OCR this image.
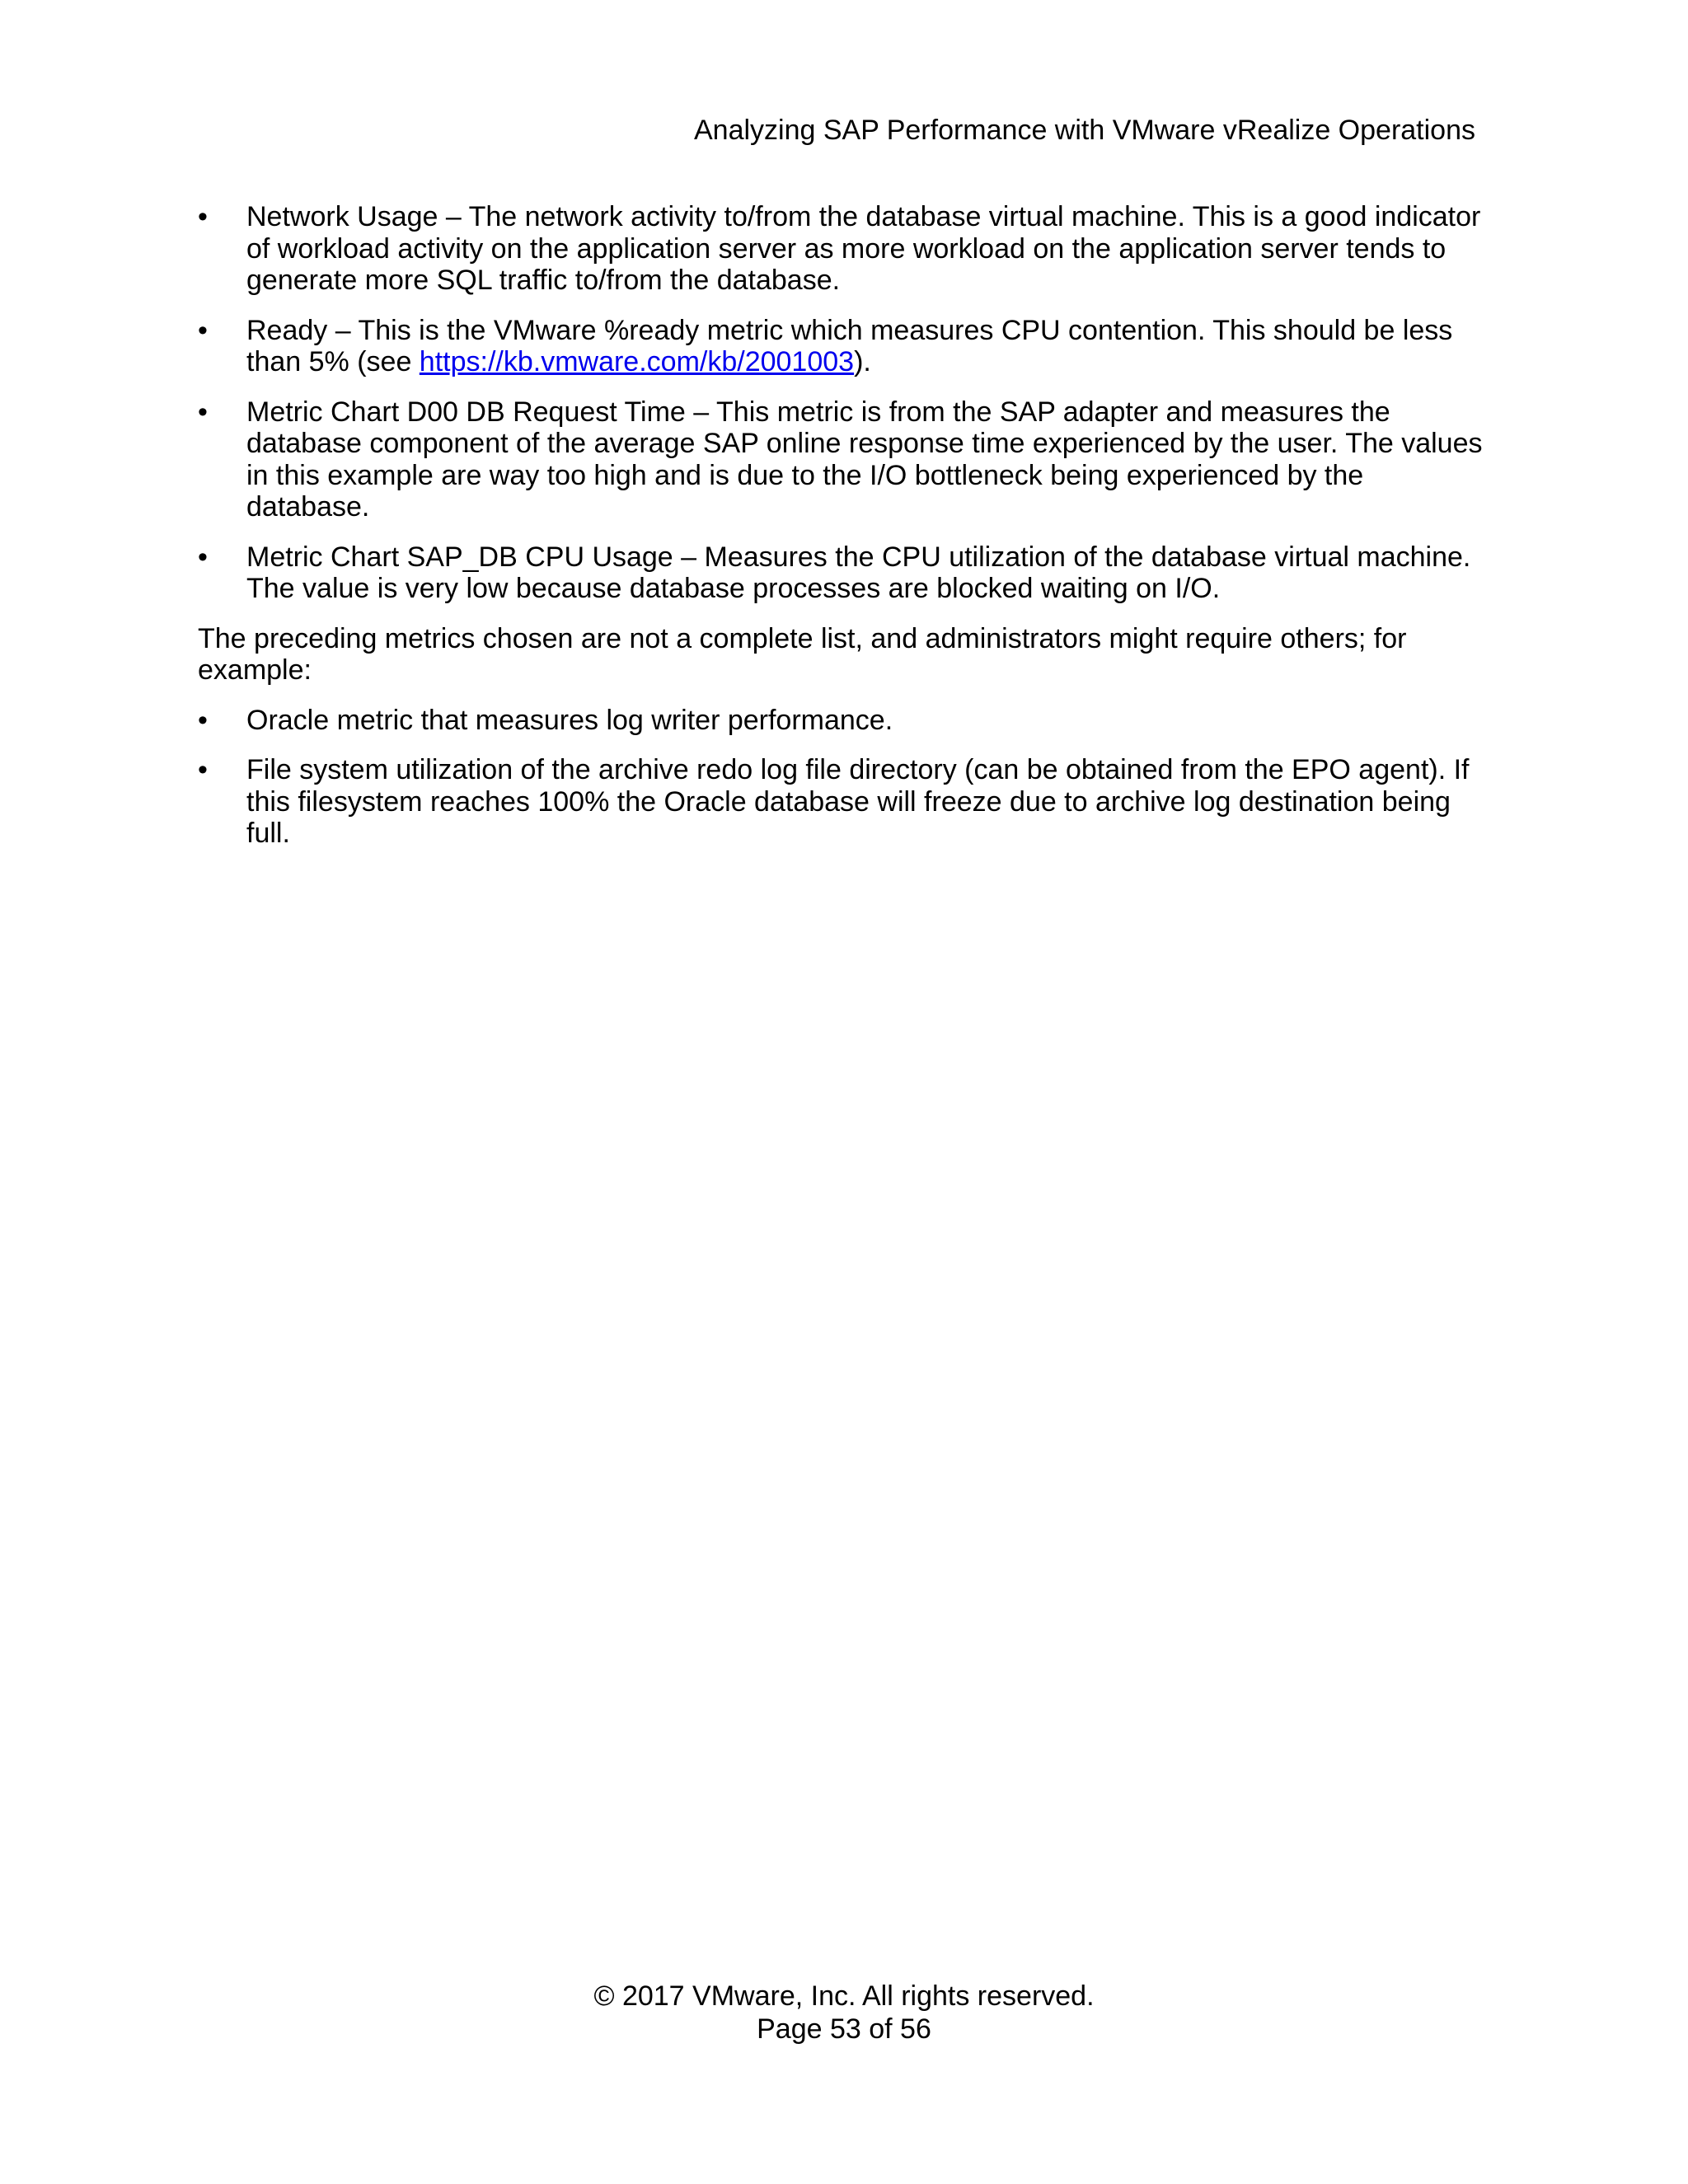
Analyzing SAP Performance with VMware vRealize Operations
•	Network Usage – The network activity to/from the database virtual machine. This is a good indicator of workload activity on the application server as more workload on the application server tends to generate more SQL traffic to/from the database.
•	Ready – This is the VMware %ready metric which measures CPU contention. This should be less than 5% (see https://kb.vmware.com/kb/2001003).
•	Metric Chart D00 DB Request Time – This metric is from the SAP adapter and measures the database component of the average SAP online response time experienced by the user. The values in this example are way too high and is due to the I/O bottleneck being experienced by the database.
•	Metric Chart SAP_DB CPU Usage – Measures the CPU utilization of the database virtual machine. The value is very low because database processes are blocked waiting on I/O.

The preceding metrics chosen are not a complete list, and administrators might require others; for example:

•	Oracle metric that measures log writer performance.
•	File system utilization of the archive redo log file directory (can be obtained from the EPO agent). If this filesystem reaches 100% the Oracle database will freeze due to archive log destination being full.
© 2017 VMware, Inc. All rights reserved.
Page 53 of 56
